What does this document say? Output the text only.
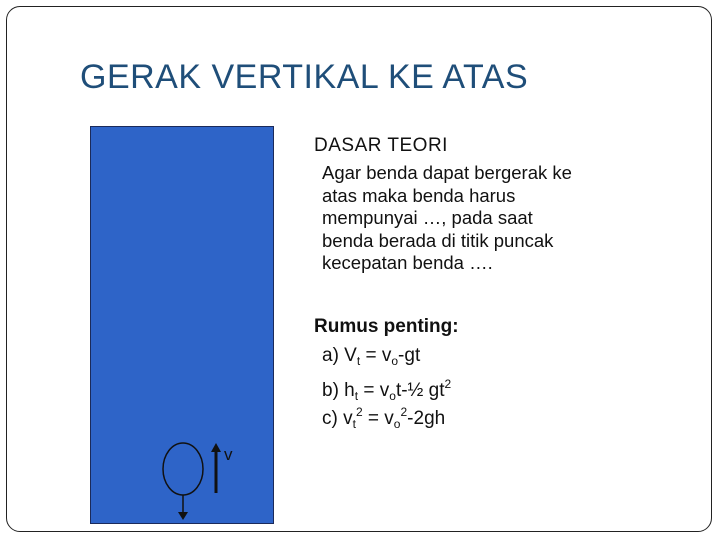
GERAK VERTIKAL KE ATAS
v
DASAR TEORI
Agar benda dapat bergerak ke
atas maka benda harus
mempunyai …, pada saat
benda berada di titik puncak
kecepatan benda ….
Rumus penting:
a) $V_t = v_o-gt$
b) $h_t$ = $v_ot-\frac{1}{2}$ $gt^2$
c) $v_t^2 = v_o^2-2gh$
